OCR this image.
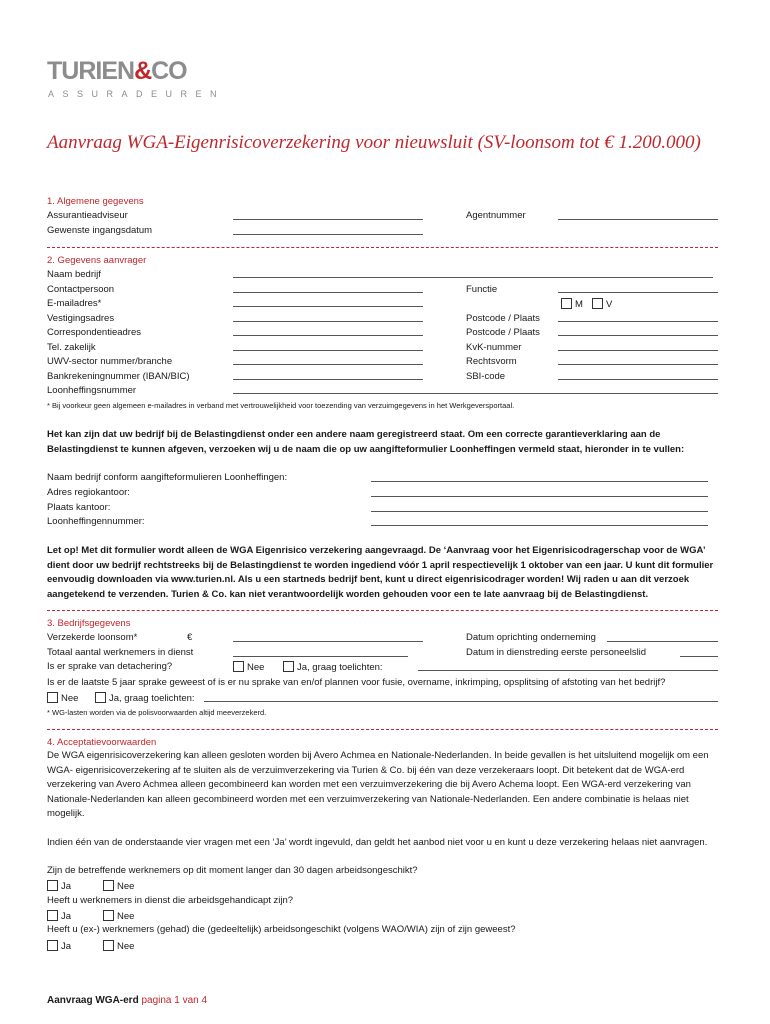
TURIEN&CO
ASSURADEUREN
Aanvraag WGA-Eigenrisicoverzekering voor nieuwsluit (SV-loonsom tot € 1.200.000)
1. Algemene gegevens
Assurantieadviseur	Agentnummer
Gewenste ingangsdatum
2. Gegevens aanvrager
Naam bedrijf
Contactpersoon	Functie
E-mailadres*	M	V
Vestigingsadres	Postcode / Plaats
Correspondentieadres	Postcode / Plaats
Tel. zakelijk	KvK-nummer
UWV-sector nummer/branche	Rechtsvorm
Bankrekeningnummer (IBAN/BIC)	SBI-code
Loonheffingsnummer
* Bij voorkeur geen algemeen e-mailadres in verband met vertrouwelijkheid voor toezending van verzuimgegevens in het Werkgeversportaal.
Het kan zijn dat uw bedrijf bij de Belastingdienst onder een andere naam geregistreerd staat. Om een correcte garantieverklaring aan de Belastingdienst te kunnen afgeven, verzoeken wij u de naam die op uw aangifteformulier Loonheffingen vermeld staat, hieronder in te vullen:
Naam bedrijf conform aangifteformulieren Loonheffingen:
Adres regiokantoor:
Plaats kantoor:
Loonheffingennummer:
Let op! Met dit formulier wordt alleen de WGA Eigenrisico verzekering aangevraagd. De ‘Aanvraag voor het Eigenrisicodragerschap voor de WGA’ dient door uw bedrijf rechtstreeks bij de Belastingdienst te worden ingediend vóór 1 april respectievelijk 1 oktober van een jaar. U kunt dit formulier eenvoudig downloaden via www.turien.nl. Als u een startneds bedrijf bent, kunt u direct eigenrisicodrager worden! Wij raden u aan dit verzoek aangetekend te verzenden. Turien & Co. kan niet verantwoordelijk worden gehouden voor een te late aanvraag bij de Belastingdienst.
3. Bedrijfsgegevens
Verzekerde loonsom*	€	Datum oprichting onderneming
Totaal aantal werknemers in dienst	Datum in dienstreding eerste personeelslid
Is er sprake van detachering?	Nee	Ja, graag toelichten:
Is er de laatste 5 jaar sprake geweest of is er nu sprake van en/of plannen voor fusie, overname, inkrimping, opsplitsing of afstoting van het bedrijf?
Nee	Ja, graag toelichten:
* WG-lasten worden via de polisvoorwaarden altijd meeverzekerd.
4. Acceptatievoorwaarden
De WGA eigenrisicoverzekering kan alleen gesloten worden bij Avero Achmea en Nationale-Nederlanden. In beide gevallen is het uitsluitend mogelijk om een WGA- eigenrisicoverzekering af te sluiten als de verzuimverzekering via Turien & Co. bij één van deze verzekeraars loopt. Dit betekent dat de WGA-erd verzekering van Avero Achmea alleen gecombineerd kan worden met een verzuimverzekering die bij Avero Achema loopt. Een WGA-erd verzekering van Nationale-Nederlanden kan alleen gecombineerd worden met een verzuimverzekering van Nationale-Nederlanden. Een andere combinatie is helaas niet mogelijk.
Indien één van de onderstaande vier vragen met een ‘Ja’ wordt ingevuld, dan geldt het aanbod niet voor u en kunt u deze verzekering helaas niet aanvragen.
Zijn de betreffende werknemers op dit moment langer dan 30 dagen arbeidsongeschikt?
Ja	Nee
Heeft u werknemers in dienst die arbeidsgehandicapt zijn?
Ja	Nee
Heeft u (ex-) werknemers (gehad) die (gedeeltelijk) arbeidsongeschikt (volgens WAO/WIA) zijn of zijn geweest?
Ja	Nee
Aanvraag WGA-erd pagina 1 van 4
